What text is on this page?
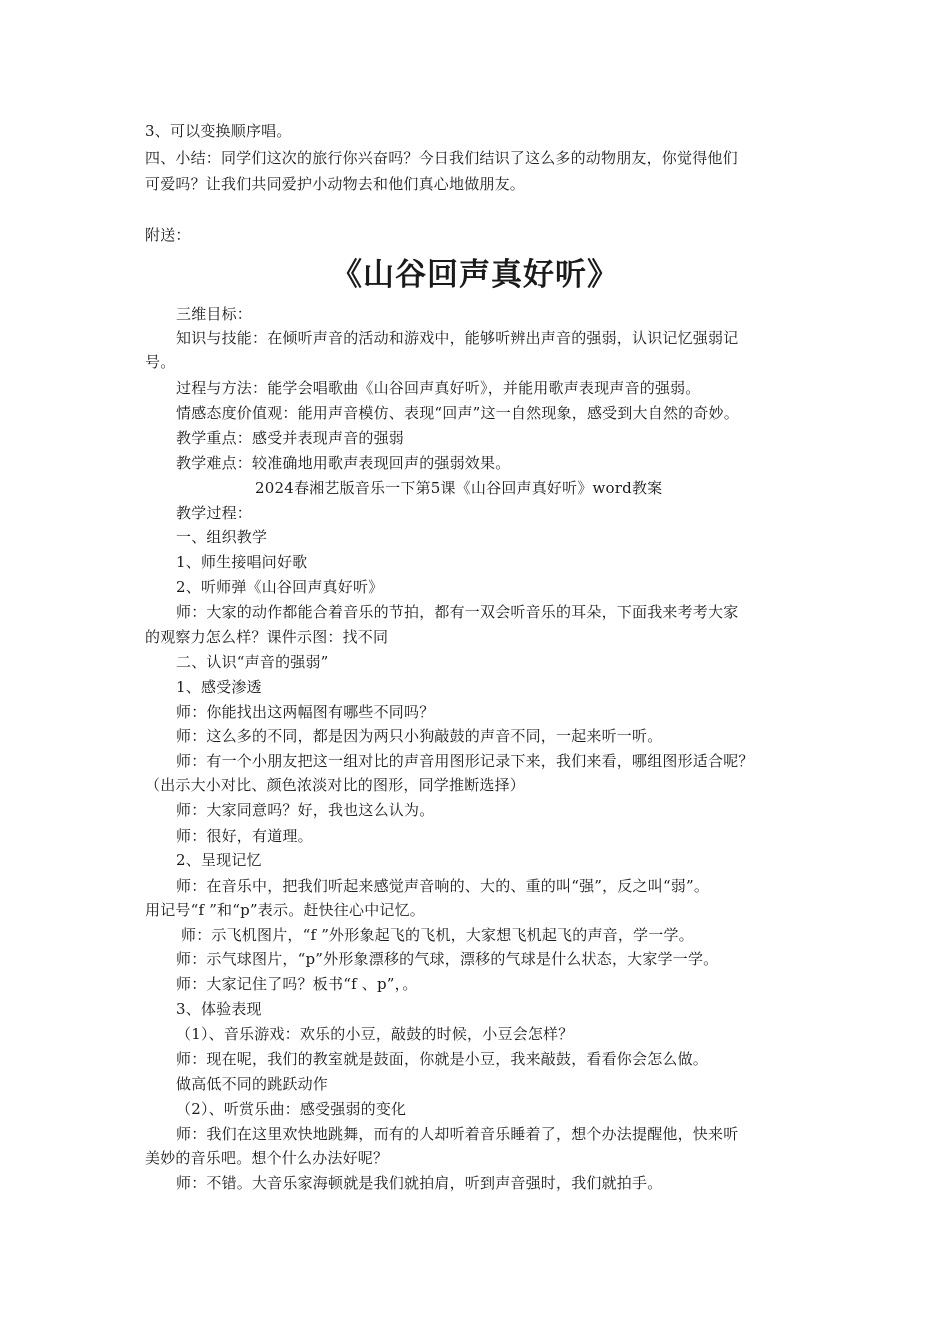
3、可以变换顺序唱。
四、小结：同学们这次的旅行你兴奋吗？今日我们结识了这么多的动物朋友，你觉得他们
可爱吗？让我们共同爱护小动物去和他们真心地做朋友。
附送：
《山谷回声真好听》
三维目标：
知识与技能：在倾听声音的活动和游戏中，能够听辨出声音的强弱，认识记忆强弱记
号。
过程与方法：能学会唱歌曲《山谷回声真好听》，并能用歌声表现声音的强弱。
情感态度价值观：能用声音模仿、表现“回声”这一自然现象，感受到大自然的奇妙。
教学重点：感受并表现声音的强弱
教学难点：较准确地用歌声表现回声的强弱效果。
2024春湘艺版音乐一下第5课《山谷回声真好听》word教案
教学过程：
一、组织教学
1、师生接唱问好歌
2、听师弹《山谷回声真好听》
师：大家的动作都能合着音乐的节拍，都有一双会听音乐的耳朵，下面我来考考大家
的观察力怎么样？课件示图：找不同
二、认识“声音的强弱”
1、感受渗透
师：你能找出这两幅图有哪些不同吗？
师：这么多的不同，都是因为两只小狗敲鼓的声音不同，一起来听一听。
师：有一个小朋友把这一组对比的声音用图形记录下来，我们来看，哪组图形适合呢？
（出示大小对比、颜色浓淡对比的图形，同学推断选择）
师：大家同意吗？好，我也这么认为。
师：很好，有道理。
2、呈现记忆
师：在音乐中，把我们听起来感觉声音响的、大的、重的叫“强”，反之叫“弱”。
用记号“f ”和“p”表示。赶快往心中记忆。
师：示飞机图片，“f ”外形象起飞的飞机，大家想飞机起飞的声音，学一学。
师：示气球图片，“p”外形象漂移的气球，漂移的气球是什么状态，大家学一学。
师：大家记住了吗？板书“f 、p”，。
3、体验表现
（1）、音乐游戏：欢乐的小豆，敲鼓的时候，小豆会怎样？
师：现在呢，我们的教室就是鼓面，你就是小豆，我来敲鼓，看看你会怎么做。
做高低不同的跳跃动作
（2）、听赏乐曲：感受强弱的变化
师：我们在这里欢快地跳舞，而有的人却听着音乐睡着了，想个办法提醒他，快来听
美妙的音乐吧。想个什么办法好呢？
师：不错。大音乐家海顿就是我们就拍肩，听到声音强时，我们就拍手。
